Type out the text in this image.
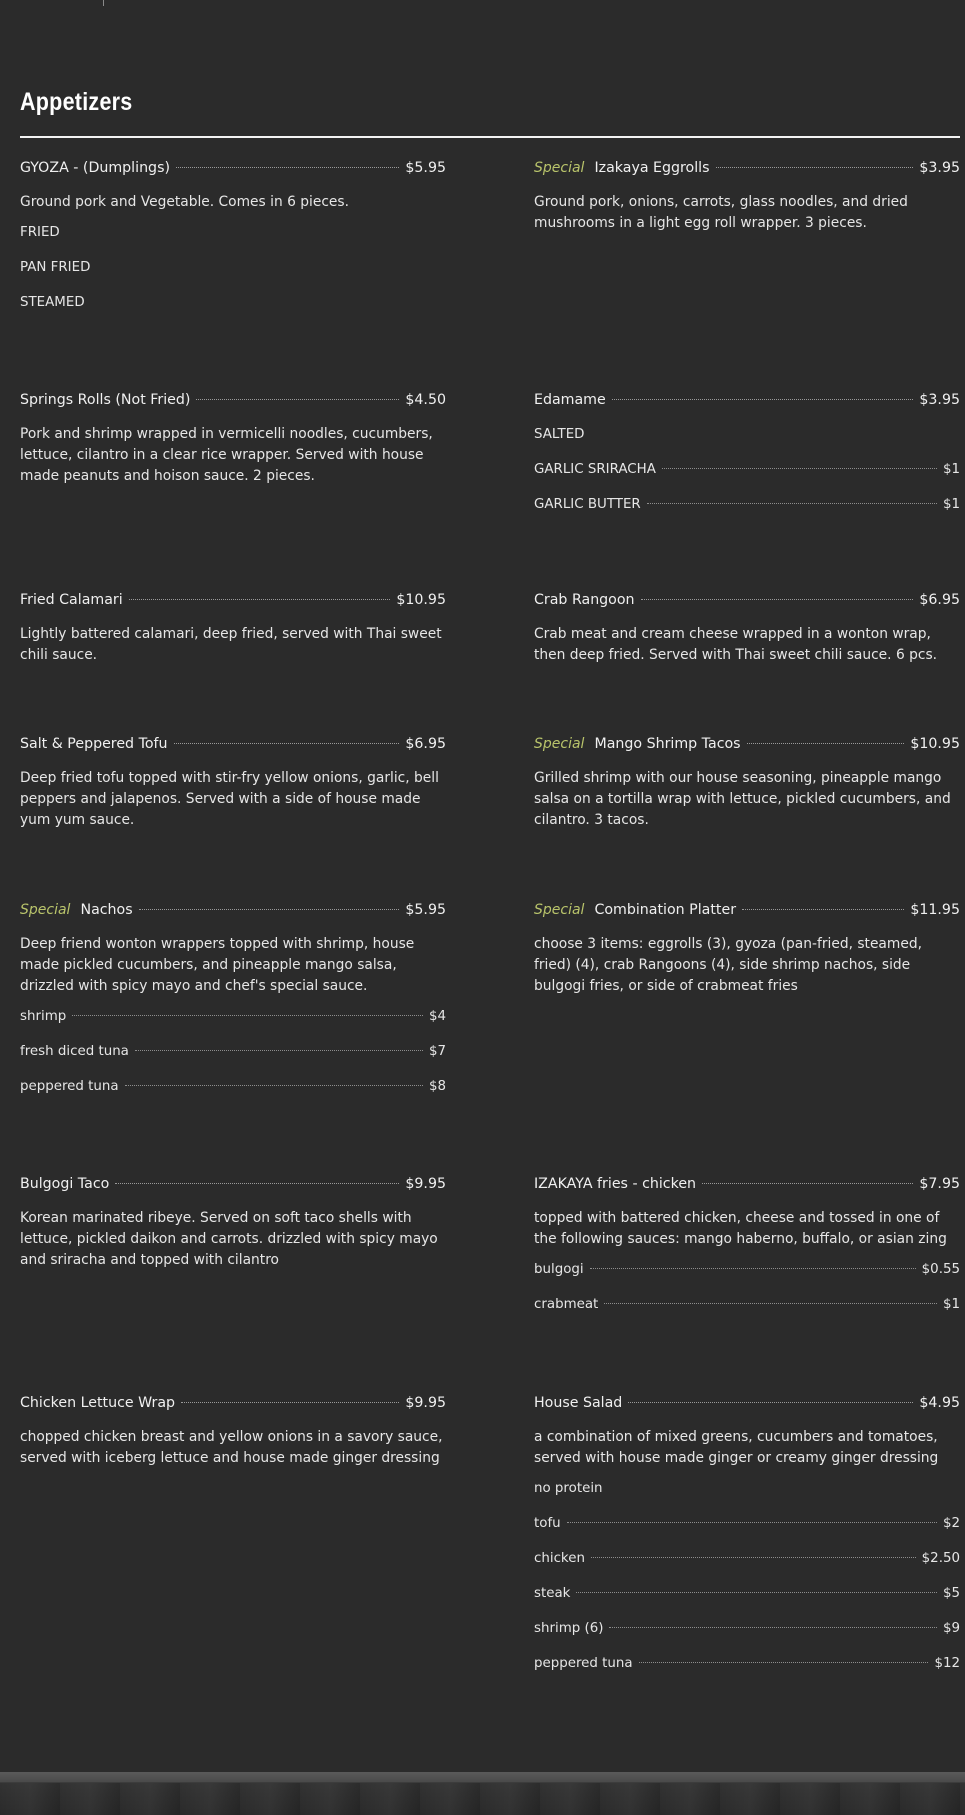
Appetizers
GYOZA - (Dumplings)	$5.95
Ground pork and Vegetable. Comes in 6 pieces.
FRIED
PAN FRIED
STEAMED
Special Izakaya Eggrolls	$3.95
Ground pork, onions, carrots, glass noodles, and dried mushrooms in a light egg roll wrapper. 3 pieces.
Springs Rolls (Not Fried)	$4.50
Pork and shrimp wrapped in vermicelli noodles, cucumbers, lettuce, cilantro in a clear rice wrapper. Served with house made peanuts and hoison sauce. 2 pieces.
Edamame	$3.95
SALTED
GARLIC SRIRACHA	$1
GARLIC BUTTER	$1
Fried Calamari	$10.95
Lightly battered calamari, deep fried, served with Thai sweet chili sauce.
Crab Rangoon	$6.95
Crab meat and cream cheese wrapped in a wonton wrap, then deep fried. Served with Thai sweet chili sauce. 6 pcs.
Salt & Peppered Tofu	$6.95
Deep fried tofu topped with stir-fry yellow onions, garlic, bell peppers and jalapenos. Served with a side of house made yum yum sauce.
Special Mango Shrimp Tacos	$10.95
Grilled shrimp with our house seasoning, pineapple mango salsa on a tortilla wrap with lettuce, pickled cucumbers, and cilantro. 3 tacos.
Special Nachos	$5.95
Deep friend wonton wrappers topped with shrimp, house made pickled cucumbers, and pineapple mango salsa, drizzled with spicy mayo and chef's special sauce.
shrimp	$4
fresh diced tuna	$7
peppered tuna	$8
Special Combination Platter	$11.95
choose 3 items: eggrolls (3), gyoza (pan-fried, steamed, fried) (4), crab Rangoons (4), side shrimp nachos, side bulgogi fries, or side of crabmeat fries
Bulgogi Taco	$9.95
Korean marinated ribeye. Served on soft taco shells with lettuce, pickled daikon and carrots. drizzled with spicy mayo and sriracha and topped with cilantro
IZAKAYA fries - chicken	$7.95
topped with battered chicken, cheese and tossed in one of the following sauces: mango haberno, buffalo, or asian zing
bulgogi	$0.55
crabmeat	$1
Chicken Lettuce Wrap	$9.95
chopped chicken breast and yellow onions in a savory sauce, served with iceberg lettuce and house made ginger dressing
House Salad	$4.95
a combination of mixed greens, cucumbers and tomatoes, served with house made ginger or creamy ginger dressing
no protein
tofu	$2
chicken	$2.50
steak	$5
shrimp (6)	$9
peppered tuna	$12
